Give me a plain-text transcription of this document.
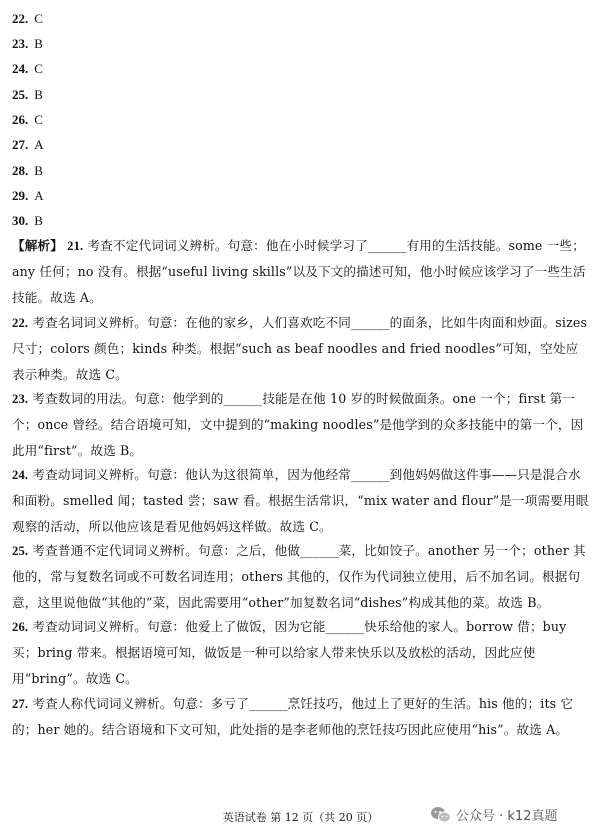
22. C
23. B
24. C
25. B
26. C
27. A
28. B
29. A
30. B
【解析】 21. 考查不定代词词义辨析。句意：他在小时候学习了______有用的生活技能。some 一些；any 任何；no 没有。根据“useful living skills”以及下文的描述可知，他小时候应该学习了一些生活技能。故选 A。
22. 考查名词词义辨析。句意：在他的家乡，人们喜欢吃不同______的面条，比如牛肉面和炒面。sizes 尺寸；colors 颜色；kinds 种类。根据“such as beaf noodles and fried noodles”可知，空处应表示种类。故选 C。
23. 考查数词的用法。句意：他学到的______技能是在他 10 岁的时候做面条。one 一个；first 第一个；once 曾经。结合语境可知，文中提到的“making noodles”是他学到的众多技能中的第一个，因此用“first”。故选 B。
24. 考查动词词义辨析。句意：他认为这很简单，因为他经常______到他妈妈做这件事——只是混合水和面粉。smelled 闻；tasted 尝；saw 看。根据生活常识，“mix water and flour”是一项需要用眼观察的活动，所以他应该是看见他妈妈这样做。故选 C。
25. 考查普通不定代词词义辨析。句意：之后，他做______菜，比如饺子。another 另一个；other 其他的，常与复数名词或不可数名词连用；others 其他的，仅作为代词独立使用，后不加名词。根据句意，这里说他做“其他的”菜，因此需要用“other”加复数名词“dishes”构成其他的菜。故选 B。
26. 考查动词词义辨析。句意：他爱上了做饭，因为它能______快乐给他的家人。borrow 借；buy 买；bring 带来。根据语境可知，做饭是一种可以给家人带来快乐以及放松的活动，因此应使用“bring”。故选 C。
27. 考查人称代词词义辨析。句意：多亏了______烹饪技巧，他过上了更好的生活。his 他的；its 它的；her 她的。结合语境和下文可知，此处指的是李老师他的烹饪技巧因此应使用“his”。故选 A。
英语试卷 第 12 页（共 20 页）	公众号 · k12真题
